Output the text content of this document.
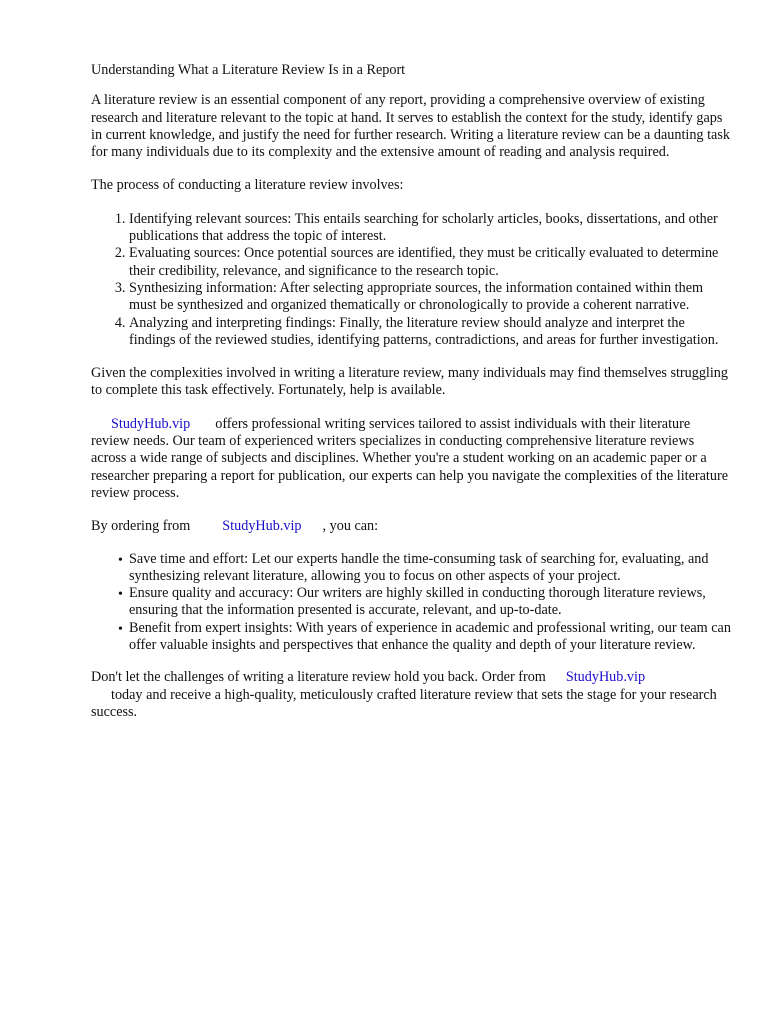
Understanding What a Literature Review Is in a Report

A literature review is an essential component of any report, providing a comprehensive overview of existing research and literature relevant to the topic at hand. It serves to establish the context for the study, identify gaps in current knowledge, and justify the need for further research. Writing a literature review can be a daunting task for many individuals due to its complexity and the extensive amount of reading and analysis required.

The process of conducting a literature review involves:

1. Identifying relevant sources: This entails searching for scholarly articles, books, dissertations, and other publications that address the topic of interest.
2. Evaluating sources: Once potential sources are identified, they must be critically evaluated to determine their credibility, relevance, and significance to the research topic.
3. Synthesizing information: After selecting appropriate sources, the information contained within them must be synthesized and organized thematically or chronologically to provide a coherent narrative.
4. Analyzing and interpreting findings: Finally, the literature review should analyze and interpret the findings of the reviewed studies, identifying patterns, contradictions, and areas for further investigation.

Given the complexities involved in writing a literature review, many individuals may find themselves struggling to complete this task effectively. Fortunately, help is available.

StudyHub.vip offers professional writing services tailored to assist individuals with their literature review needs. Our team of experienced writers specializes in conducting comprehensive literature reviews across a wide range of subjects and disciplines. Whether you're a student working on an academic paper or a researcher preparing a report for publication, our experts can help you navigate the complexities of the literature review process.

By ordering from StudyHub.vip , you can:

• Save time and effort: Let our experts handle the time-consuming task of searching for, evaluating, and synthesizing relevant literature, allowing you to focus on other aspects of your project.
• Ensure quality and accuracy: Our writers are highly skilled in conducting thorough literature reviews, ensuring that the information presented is accurate, relevant, and up-to-date.
• Benefit from expert insights: With years of experience in academic and professional writing, our team can offer valuable insights and perspectives that enhance the quality and depth of your literature review.

Don't let the challenges of writing a literature review hold you back. Order from StudyHub.vip
today and receive a high-quality, meticulously crafted literature review that sets the stage for your research success.
